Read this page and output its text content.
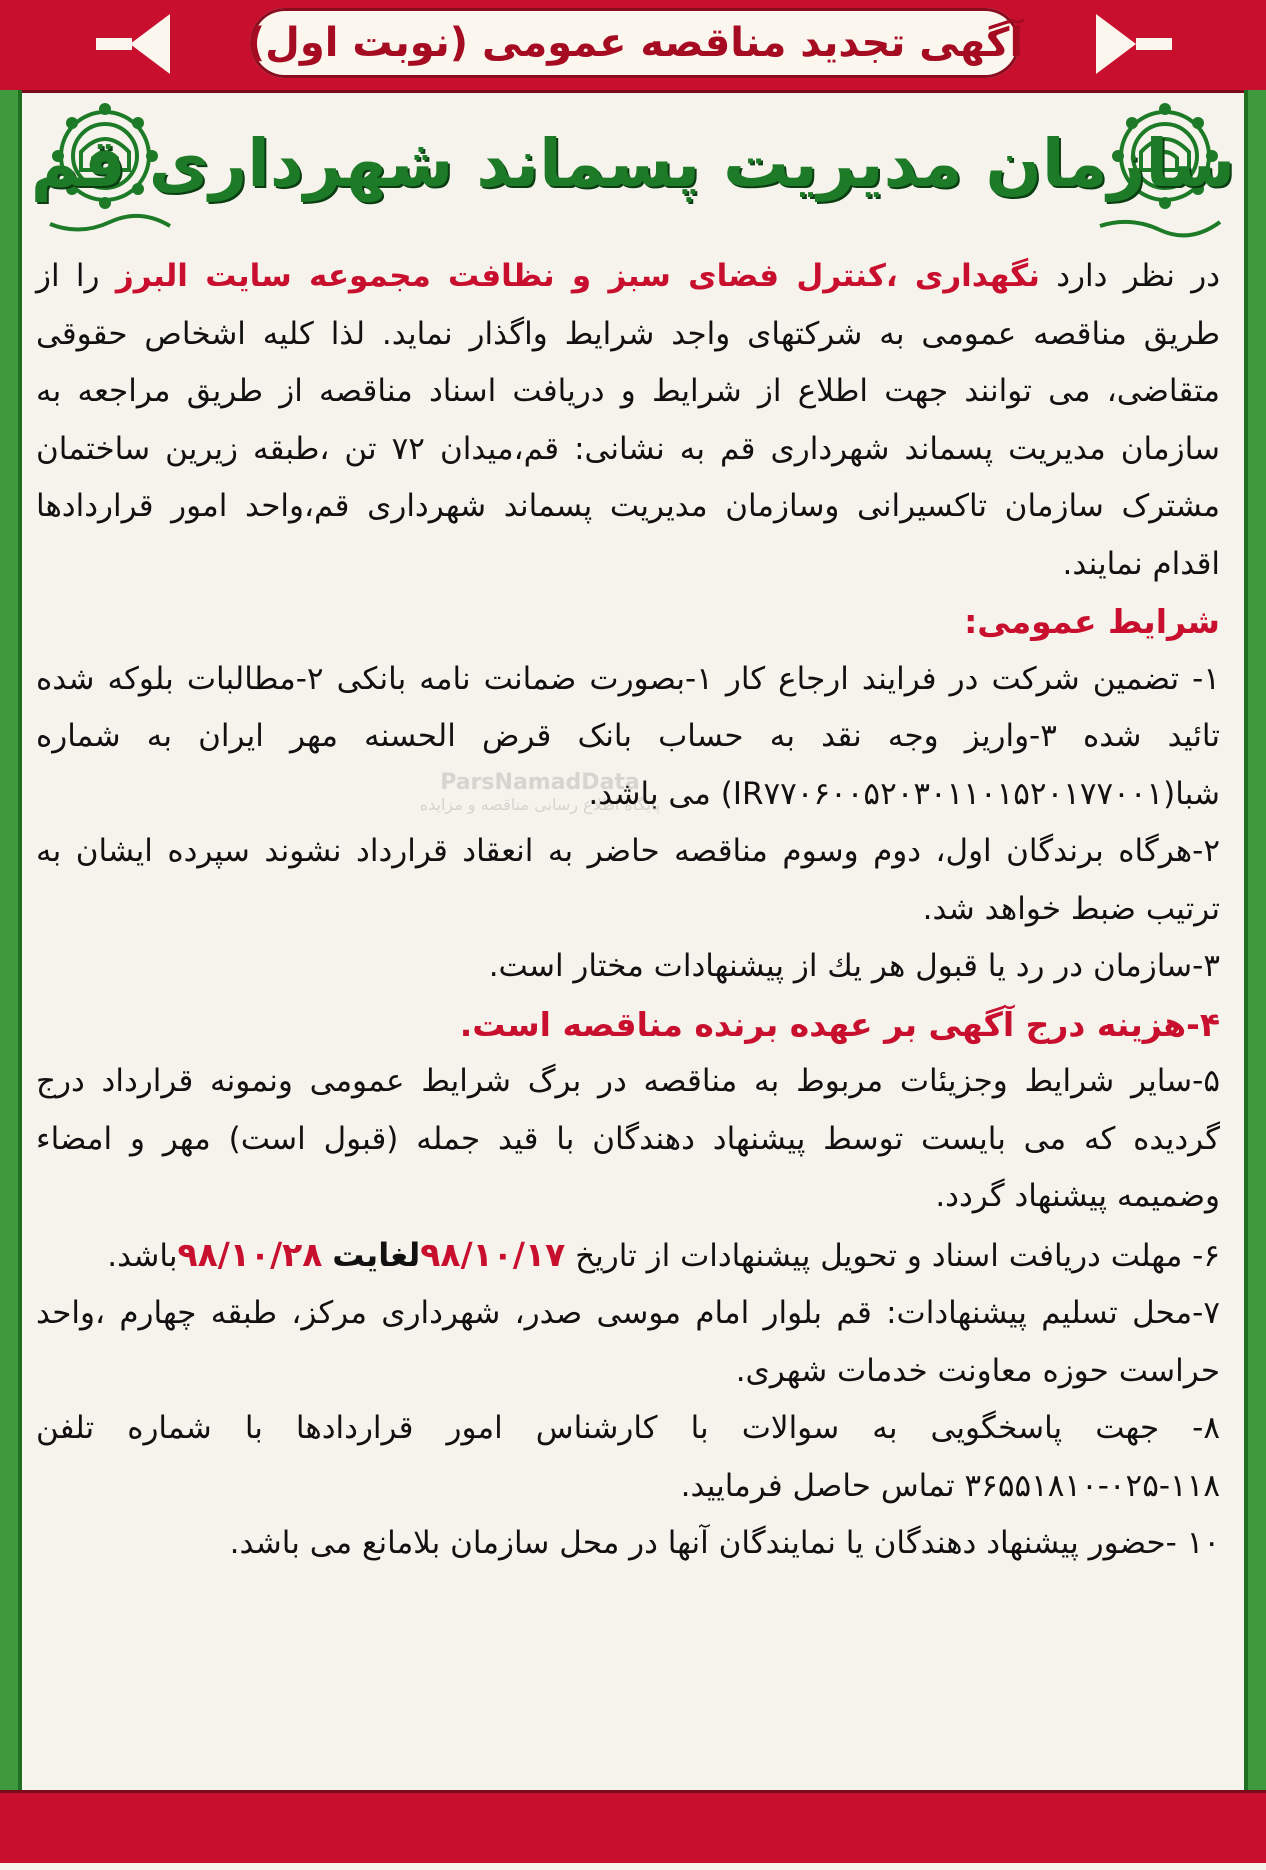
آگهی تجدید مناقصه عمومی (نوبت اول)
سازمان مدیریت پسماند شهرداری قم
ParsNamadData
پایگاه اطلاع رسانی مناقصه و مزایده

در نظر دارد نگهداری ،کنترل فضای سبز و نظافت مجموعه سایت البرز را از طریق مناقصه عمومی به شرکتهای واجد شرایط واگذار نماید. لذا کلیه اشخاص حقوقی متقاضی، می توانند جهت اطلاع از شرایط و دریافت اسناد مناقصه از طریق مراجعه به سازمان مدیریت پسماند شهرداری قم به نشانی: قم،میدان ۷۲ تن ،طبقه زیرین ساختمان مشترک سازمان تاکسیرانی وسازمان مدیریت پسماند شهرداری قم،واحد امور قراردادها اقدام نمایند.

شرایط عمومی:

۱- تضمین شرکت در فرایند ارجاع کار ۱-بصورت ضمانت نامه بانکی ۲-مطالبات بلوکه شده تائید شده ۳-واریز وجه نقد به حساب بانک قرض الحسنه مهر ایران به شماره شبا(IR۷۷۰۶۰۰۵۲۰۳۰۱۱۰۱۵۲۰۱۷۷۰۰۱) می باشد.

۲-هرگاه برندگان اول، دوم وسوم مناقصه حاضر به انعقاد قرارداد نشوند سپرده ایشان به ترتیب ضبط خواهد شد.

۳-سازمان در رد یا قبول هر یك از پیشنهادات مختار است.

۴-هزینه درج آگهی بر عهده برنده مناقصه است.

۵-سایر شرایط وجزیئات مربوط به مناقصه در برگ شرایط عمومی ونمونه قرارداد درج گردیده که می بایست توسط پیشنهاد دهندگان با قید جمله (قبول است) مهر و امضاء وضمیمه پیشنهاد گردد.

۶- مهلت دریافت اسناد و تحویل پیشنهادات از تاریخ ۹۸/۱۰/۱۷لغایت ۹۸/۱۰/۲۸باشد.

۷-محل تسلیم پیشنهادات: قم بلوار امام موسی صدر، شهرداری مرکز، طبقه چهارم ،واحد حراست حوزه معاونت خدمات شهری.

۸- جهت پاسخگویی به سوالات با کارشناس امور قراردادها با شماره تلفن ۱۱۸-۰۲۵-۳۶۵۵۱۸۱۰ تماس حاصل فرمایید.

۱۰ -حضور پیشنهاد دهندگان یا نمایندگان آنها در محل سازمان بلامانع می باشد.
